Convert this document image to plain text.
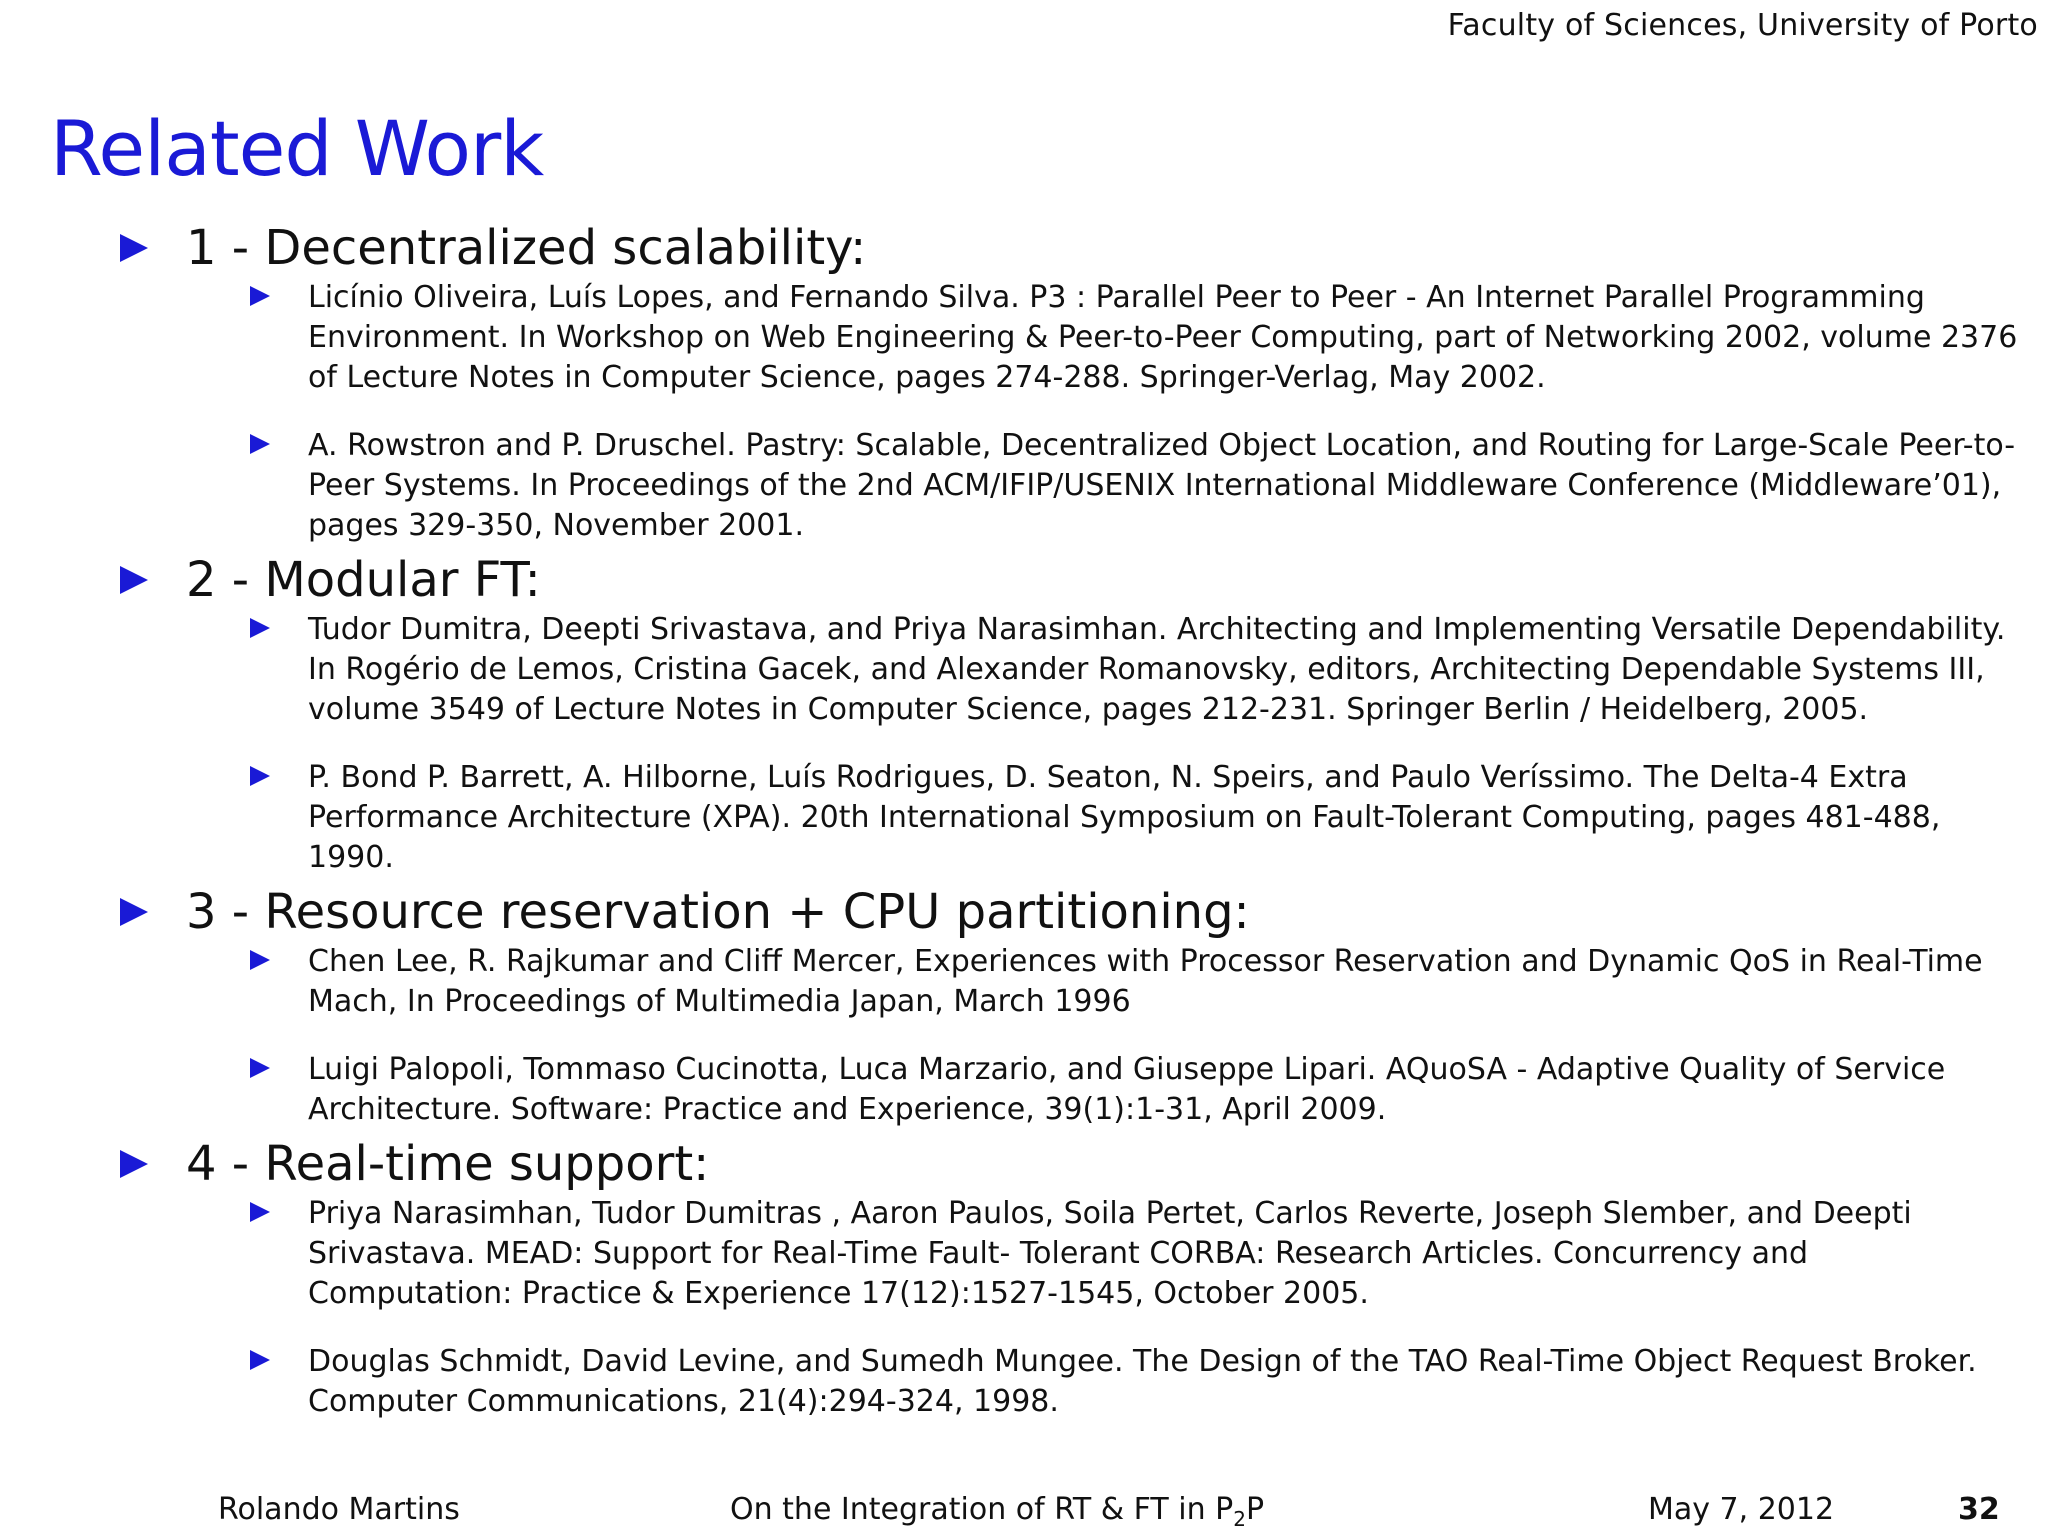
Faculty of Sciences, University of Porto
Related Work
1 - Decentralized scalability:
Licínio Oliveira, Luís Lopes, and Fernando Silva. P3 : Parallel Peer to Peer - An Internet Parallel Programming Environment. In Workshop on Web Engineering & Peer-to-Peer Computing, part of Networking 2002, volume 2376 of Lecture Notes in Computer Science, pages 274-288. Springer-Verlag, May 2002.
A. Rowstron and P. Druschel. Pastry: Scalable, Decentralized Object Location, and Routing for Large-Scale Peer-to-Peer Systems. In Proceedings of the 2nd ACM/IFIP/USENIX International Middleware Conference (Middleware’01), pages 329-350, November 2001.
2 - Modular FT:
Tudor Dumitra, Deepti Srivastava, and Priya Narasimhan. Architecting and Implementing Versatile Dependability. In Rogério de Lemos, Cristina Gacek, and Alexander Romanovsky, editors, Architecting Dependable Systems III, volume 3549 of Lecture Notes in Computer Science, pages 212-231. Springer Berlin / Heidelberg, 2005.
P. Bond P. Barrett, A. Hilborne, Luís Rodrigues, D. Seaton, N. Speirs, and Paulo Veríssimo. The Delta-4 Extra Performance Architecture (XPA). 20th International Symposium on Fault-Tolerant Computing, pages 481-488, 1990.
3 - Resource reservation + CPU partitioning:
Chen Lee, R. Rajkumar and Cliff Mercer, Experiences with Processor Reservation and Dynamic QoS in Real-Time Mach, In Proceedings of Multimedia Japan, March 1996
Luigi Palopoli, Tommaso Cucinotta, Luca Marzario, and Giuseppe Lipari. AQuoSA - Adaptive Quality of Service Architecture. Software: Practice and Experience, 39(1):1-31, April 2009.
4 - Real-time support:
Priya Narasimhan, Tudor Dumitras , Aaron Paulos, Soila Pertet, Carlos Reverte, Joseph Slember, and Deepti Srivastava. MEAD: Support for Real-Time Fault- Tolerant CORBA: Research Articles. Concurrency and Computation: Practice & Experience 17(12):1527-1545, October 2005.
Douglas Schmidt, David Levine, and Sumedh Mungee. The Design of the TAO Real-Time Object Request Broker. Computer Communications, 21(4):294-324, 1998.
Rolando Martins	On the Integration of RT & FT in $P_2P$	May 7, 2012	32
